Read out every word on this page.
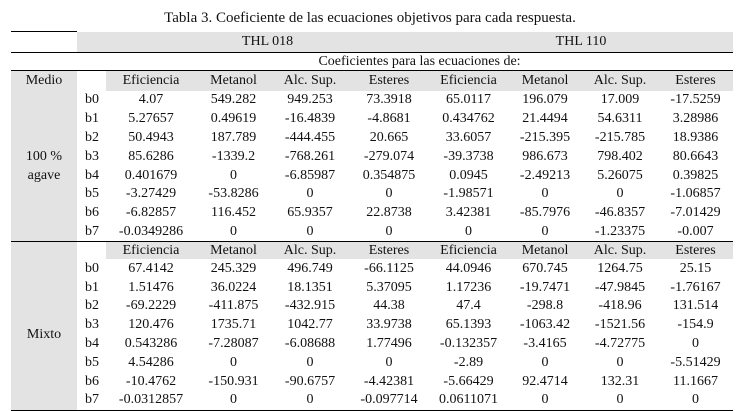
Tabla 3. Coeficiente de las ecuaciones objetivos para cada respuesta.
		THL 018				THL 110			
		Coeficientes para las ecuaciones de:							
Medio		Eficiencia	Metanol	Alc. Sup.	Esteres	Eficiencia	Metanol	Alc. Sup.	Esteres

100 %
agave	b0	4.07	549.282	949.253	73.3918	65.0117	196.079	17.009	-17.5259
	b1	5.27657	0.49619	-16.4839	-4.8681	0.434762	21.4494	54.6311	3.28986
	b2	50.4943	187.789	-444.455	20.665	33.6057	-215.395	-215.785	18.9386
	b3	85.6286	-1339.2	-768.261	-279.074	-39.3738	986.673	798.402	80.6643
	b4	0.401679	0	-6.85987	0.354875	0.0945	-2.49213	5.26075	0.39825
	b5	-3.27429	-53.8286	0	0	-1.98571	0	0	-1.06857
	b6	-6.82857	116.452	65.9357	22.8738	3.42381	-85.7976	-46.8357	-7.01429
	b7	-0.0349286	0	0	0	0	0	-1.23375	-0.007
		Eficiencia	Metanol	Alc. Sup.	Esteres	Eficiencia	Metanol	Alc. Sup.	Esteres

Mixto	b0	67.4142	245.329	496.749	-66.1125	44.0946	670.745	1264.75	25.15
	b1	1.51476	36.0224	18.1351	5.37095	1.17236	-19.7471	-47.9845	-1.76167
	b2	-69.2229	-411.875	-432.915	44.38	47.4	-298.8	-418.96	131.514
	b3	120.476	1735.71	1042.77	33.9738	65.1393	-1063.42	-1521.56	-154.9
	b4	0.543286	-7.28087	-6.08688	1.77496	-0.132357	-3.4165	-4.72775	0
	b5	4.54286	0	0	0	-2.89	0	0	-5.51429
	b6	-10.4762	-150.931	-90.6757	-4.42381	-5.66429	92.4714	132.31	11.1667
	b7	-0.0312857	0	0	-0.097714	0.0611071	0	0	0
